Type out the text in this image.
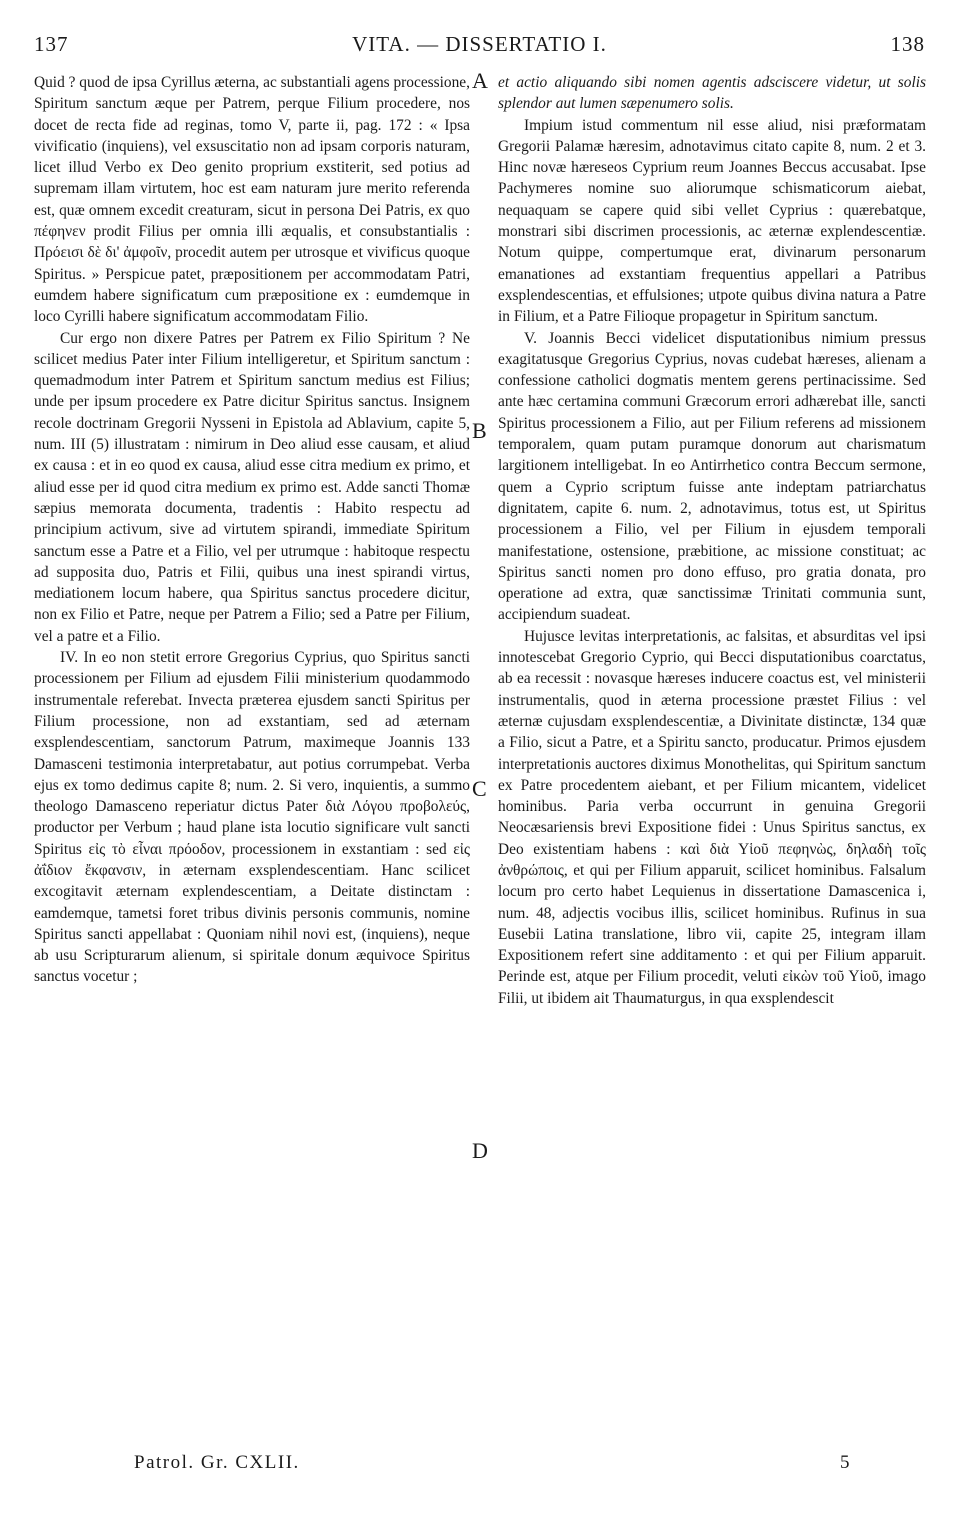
137	VITA. — DISSERTATIO I.	138

Quid ? quod de ipsa Cyrillus æterna, ac substantiali agens processione, Spiritum sanctum æque per Patrem, perque Filium procedere, nos docet de recta fide ad reginas, tomo V, parte ii, pag. 172 : « Ipsa vivificatio (inquiens), vel exsuscitatio non ad ipsam corporis naturam, licet illud Verbo ex Deo genito proprium exstiterit, sed potius ad supremam illam virtutem, hoc est eam naturam jure merito referenda est, quæ omnem excedit creaturam, sicut in persona Dei Patris, ex quo πέφηνεν prodit Filius per omnia illi æqualis, et consubstantialis : Πρόεισι δὲ δι' ἀμφοῖν, procedit autem per utrosque et vivificus quoque Spiritus. » Perspicue patet, præpositionem per accommodatam Patri, eumdem habere significatum cum præpositione ex : eumdemque in loco Cyrilli habere significatum accommodatam Filio.

Cur ergo non dixere Patres per Patrem ex Filio Spiritum ? Ne scilicet medius Pater inter Filium intelligeretur, et Spiritum sanctum : quemadmodum inter Patrem et Spiritum sanctum medius est Filius; unde per ipsum procedere ex Patre dicitur Spiritus sanctus. Insignem recole doctrinam Gregorii Nysseni in Epistola ad Ablavium, capite 5, num. III (5) illustratam : nimirum in Deo aliud esse causam, et aliud ex causa : et in eo quod ex causa, aliud esse citra medium ex primo, et aliud esse per id quod citra medium ex primo est. Adde sancti Thomæ sæpius memorata documenta, tradentis : Habito respectu ad principium activum, sive ad virtutem spirandi, immediate Spiritum sanctum esse a Patre et a Filio, vel per utrumque : habitoque respectu ad supposita duo, Patris et Filii, quibus una inest spirandi virtus, mediationem locum habere, qua Spiritus sanctus procedere dicitur, non ex Filio et Patre, neque per Patrem a Filio; sed a Patre per Filium, vel a patre et a Filio.

IV. In eo non stetit errore Gregorius Cyprius, quo Spiritus sancti processionem per Filium ad ejusdem Filii ministerium quodammodo instrumentale referebat. Invecta præterea ejusdem sancti Spiritus per Filium processione, non ad exstantiam, sed ad æternam exsplendescentiam, sanctorum Patrum, maximeque Joannis 133 Damasceni testimonia interpretabatur, aut potius corrumpebat. Verba ejus ex tomo dedimus capite 8; num. 2. Si vero, inquientis, a summo theologo Damasceno reperiatur dictus Pater διὰ Λόγου προβολεύς, productor per Verbum ; haud plane ista locutio significare vult sancti Spiritus εἰς τὸ εἶναι πρόοδον, processionem in exstantiam : sed εἰς ἀΐδιον ἔκφανσιν, in æternam exsplendescentiam. Hanc scilicet excogitavit æternam explendescentiam, a Deitate distinctam : eamdemque, tametsi foret tribus divinis personis communis, nomine Spiritus sancti appellabat : Quoniam nihil novi est, (inquiens), neque ab usu Scripturarum alienum, si spiritale donum æquivoce Spiritus sanctus vocetur ;

A
B
C
D

et actio aliquando sibi nomen agentis adsciscere videtur, ut solis splendor aut lumen sæpenumero solis.

Impium istud commentum nil esse aliud, nisi præformatam Gregorii Palamæ hæresim, adnotavimus citato capite 8, num. 2 et 3. Hinc novæ hæreseos Cyprium reum Joannes Beccus accusabat. Ipse Pachymeres nomine suo aliorumque schismaticorum aiebat, nequaquam se capere quid sibi vellet Cyprius : quærebatque, monstrari sibi discrimen processionis, ac æternæ explendescentiæ. Notum quippe, compertumque erat, divinarum personarum emanationes ad exstantiam frequentius appellari a Patribus exsplendescentias, et effulsiones; utpote quibus divina natura a Patre in Filium, et a Patre Filioque propagetur in Spiritum sanctum.

V. Joannis Becci videlicet disputationibus nimium pressus exagitatusque Gregorius Cyprius, novas cudebat hæreses, alienam a confessione catholici dogmatis mentem gerens pertinacissime. Sed ante hæc certamina communi Græcorum errori adhærebat ille, sancti Spiritus processionem a Filio, aut per Filium referens ad missionem temporalem, quam putam puramque donorum aut charismatum largitionem intelligebat. In eo Antirrhetico contra Beccum sermone, quem a Cyprio scriptum fuisse ante indeptam patriarchatus dignitatem, capite 6. num. 2, adnotavimus, totus est, ut Spiritus processionem a Filio, vel per Filium in ejusdem temporali manifestatione, ostensione, præbitione, ac missione constituat; ac Spiritus sancti nomen pro dono effuso, pro gratia donata, pro operatione ad extra, quæ sanctissimæ Trinitati communia sunt, accipiendum suadeat.

Hujusce levitas interpretationis, ac falsitas, et absurditas vel ipsi innotescebat Gregorio Cyprio, qui Becci disputationibus coarctatus, ab ea recessit : novasque hæreses inducere coactus est, vel ministerii instrumentalis, quod in æterna processione præstet Filius : vel æternæ cujusdam exsplendescentiæ, a Divinitate distinctæ, 134 quæ a Filio, sicut a Patre, et a Spiritu sancto, producatur. Primos ejusdem interpretationis auctores diximus Monothelitas, qui Spiritum sanctum ex Patre procedentem aiebant, et per Filium micantem, videlicet hominibus. Paria verba occurrunt in genuina Gregorii Neocæsariensis brevi Expositione fidei : Unus Spiritus sanctus, ex Deo existentiam habens : καὶ διὰ Υἱοῦ πεφηνὼς, δηλαδὴ τοῖς ἀνθρώποις, et qui per Filium apparuit, scilicet hominibus. Falsalum locum pro certo habet Lequienus in dissertatione Damascenica i, num. 48, adjectis vocibus illis, scilicet hominibus. Rufinus in sua Eusebii Latina translatione, libro vii, capite 25, integram illam Expositionem refert sine additamento : et qui per Filium apparuit. Perinde est, atque per Filium procedit, veluti εἰκὼν τοῦ Υἱοῦ, imago Filii, ut ibidem ait Thaumaturgus, in qua exsplendescit

Patrol. Gr. CXLII.	5
